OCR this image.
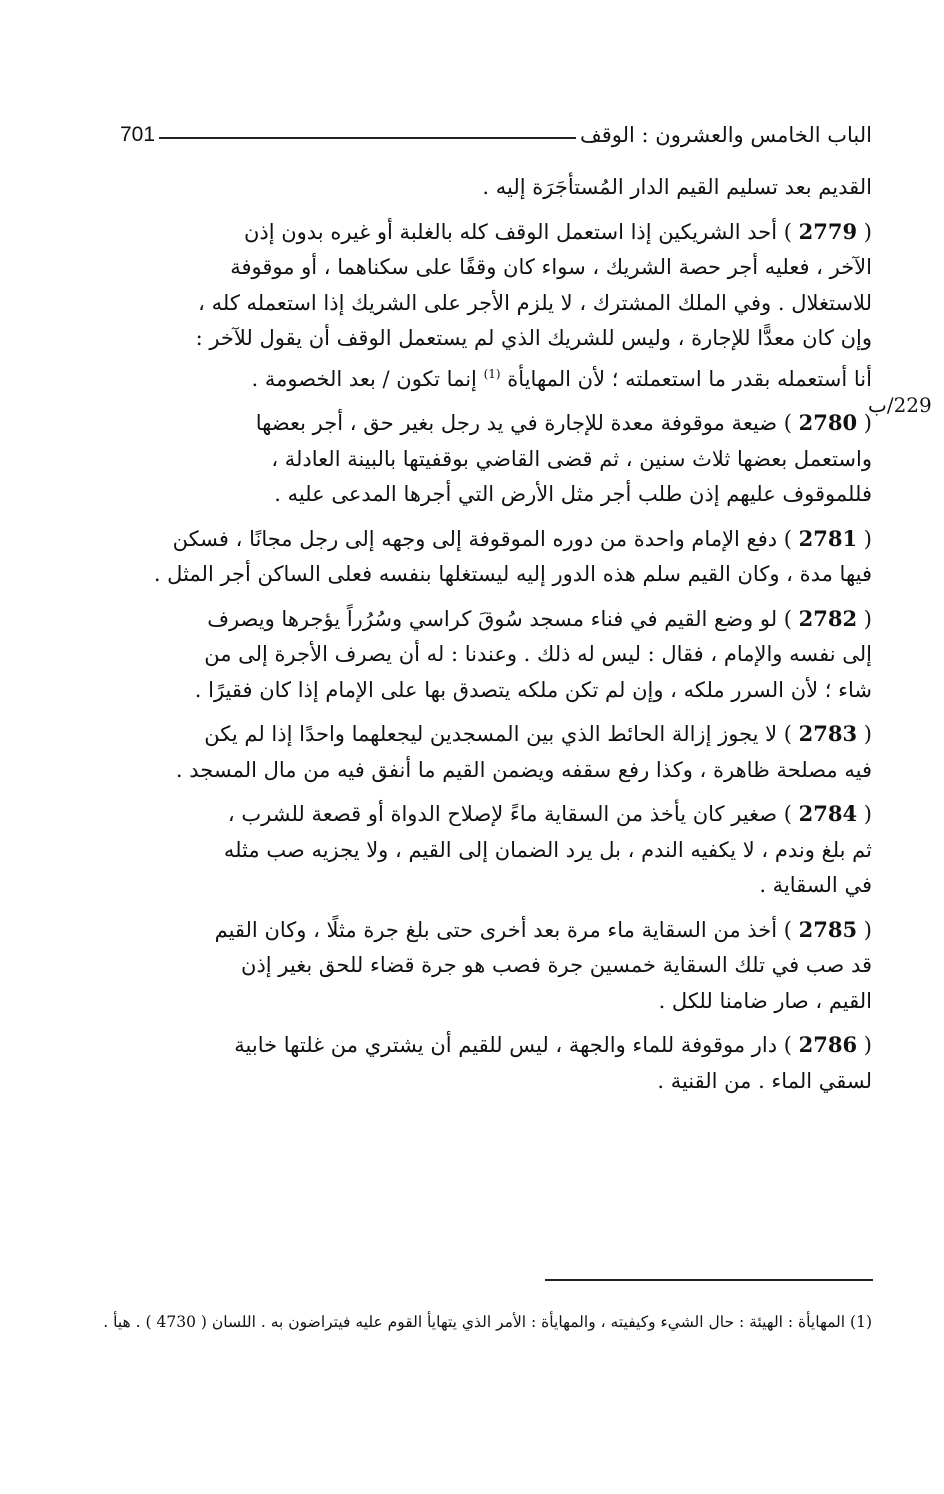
الباب الخامس والعشرون : الوقف
701
229/ب

القديم بعد تسليم القيم الدار المُستأجَرَة إليه .

( 2779 ) أحد الشريكين إذا استعمل الوقف كله بالغلبة أو غيره بدون إذن

الآخر ، فعليه أجر حصة الشريك ، سواء كان وقفًا على سكناهما ، أو موقوفة

للاستغلال . وفي الملك المشترك ، لا يلزم الأجر على الشريك إذا استعمله كله ،

وإن كان معدًّا للإجارة ، وليس للشريك الذي لم يستعمل الوقف أن يقول للآخر :

أنا أستعمله بقدر ما استعملته ؛ لأن المهايأة $^{(1)}$ إنما تكون / بعد الخصومة .

( 2780 ) ضيعة موقوفة معدة للإجارة في يد رجل بغير حق ، أجر بعضها

واستعمل بعضها ثلاث سنين ، ثم قضى القاضي بوقفيتها بالبينة العادلة ،

فللموقوف عليهم إذن طلب أجر مثل الأرض التي أجرها المدعى عليه .

( 2781 ) دفع الإمام واحدة من دوره الموقوفة إلى وجهه إلى رجل مجانًا ، فسكن

فيها مدة ، وكان القيم سلم هذه الدور إليه ليستغلها بنفسه فعلى الساكن أجر المثل .

( 2782 ) لو وضع القيم في فناء مسجد سُوقَ كراسي وسُرُراً يؤجرها ويصرف

إلى نفسه والإمام ، فقال : ليس له ذلك . وعندنا : له أن يصرف الأجرة إلى من

شاء ؛ لأن السرر ملكه ، وإن لم تكن ملكه يتصدق بها على الإمام إذا كان فقيرًا .

( 2783 ) لا يجوز إزالة الحائط الذي بين المسجدين ليجعلهما واحدًا إذا لم يكن

فيه مصلحة ظاهرة ، وكذا رفع سقفه ويضمن القيم ما أنفق فيه من مال المسجد .

( 2784 ) صغير كان يأخذ من السقاية ماءً لإصلاح الدواة أو قصعة للشرب ،

ثم بلغ وندم ، لا يكفيه الندم ، بل يرد الضمان إلى القيم ، ولا يجزيه صب مثله

في السقاية .

( 2785 ) أخذ من السقاية ماء مرة بعد أخرى حتى بلغ جرة مثلًا ، وكان القيم

قد صب في تلك السقاية خمسين جرة فصب هو جرة قضاء للحق بغير إذن

القيم ، صار ضامنا للكل .

( 2786 ) دار موقوفة للماء والجهة ، ليس للقيم أن يشتري من غلتها خابية

لسقي الماء . من القنية .

(1) المهايأة : الهيئة : حال الشيء وكيفيته ، والمهايأة : الأمر الذي يتهايأ القوم عليه فيتراضون به . اللسان ( 4730 ) . هيأ .
